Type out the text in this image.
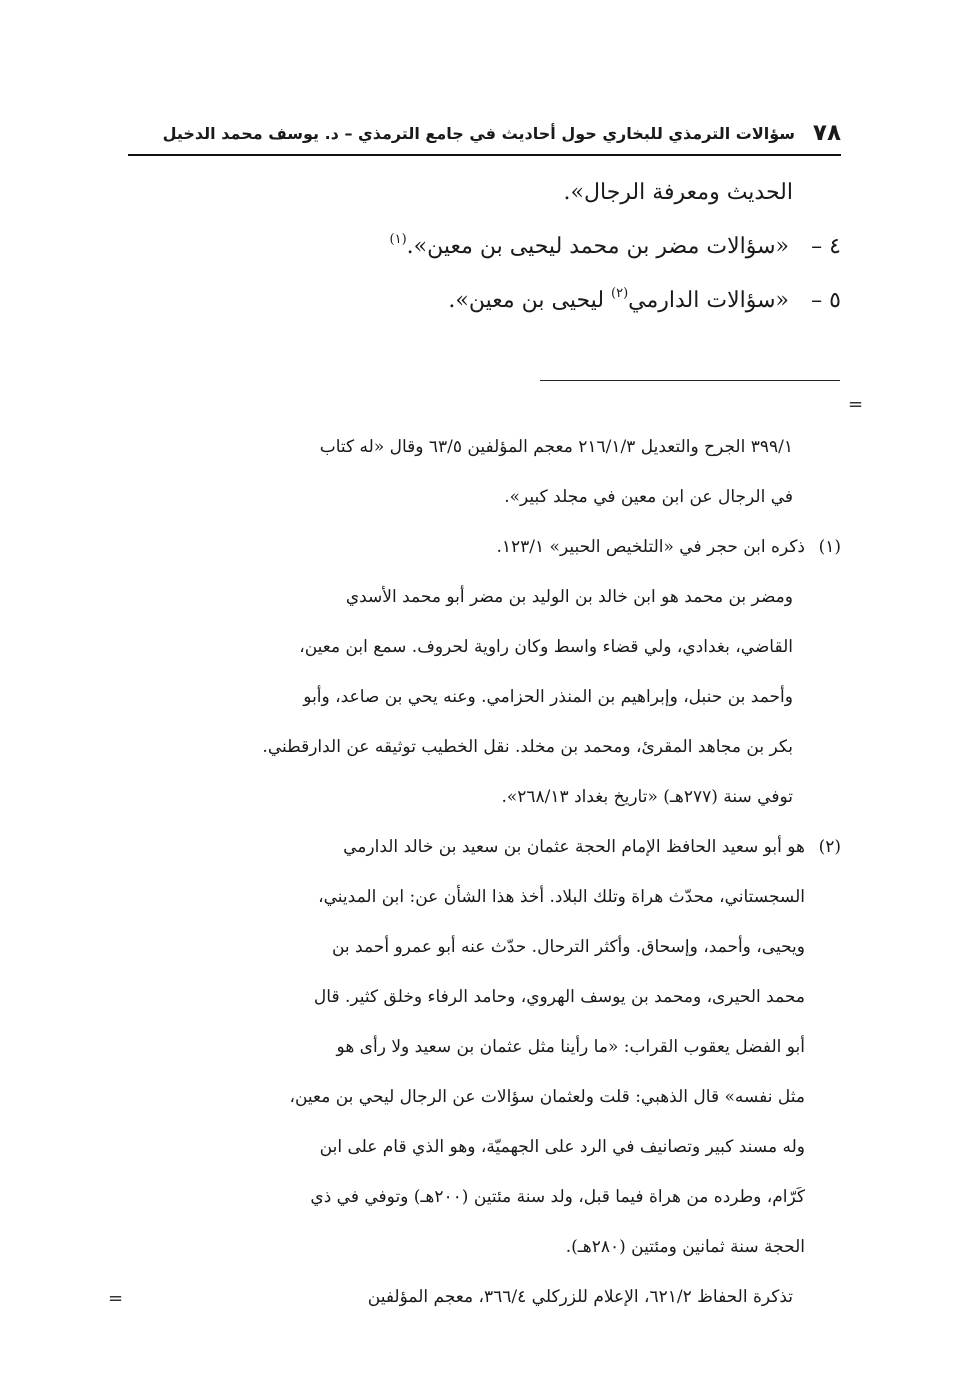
٧٨
سؤالات الترمذي للبخاري حول أحاديث في جامع الترمذي – د. يوسف محمد الدخيل

الحديث ومعرفة الرجال».

٤ –«سؤالات مضر بن محمد ليحيى بن معين».$^{(١)}$

٥ –«سؤالات الدارمي$^{(٢)}$ ليحيى بن معين».

=
=

٣٩٩/١ الجرح والتعديل ٢١٦/١/٣ معجم المؤلفين ٦٣/٥ وقال «له كتاب

في الرجال عن ابن معين في مجلد كبير».

(١)ذكره ابن حجر في «التلخيص الحبير» ١٢٣/١.

ومضر بن محمد هو ابن خالد بن الوليد بن مضر أبو محمد الأسدي

القاضي، بغدادي، ولي قضاء واسط وكان راوية لحروف. سمع ابن معين،

وأحمد بن حنبل، وإبراهيم بن المنذر الحزامي. وعنه يحي بن صاعد، وأبو

بكر بن مجاهد المقرئ، ومحمد بن مخلد. نقل الخطيب توثيقه عن الدارقطني.

توفي سنة (٢٧٧هـ) «تاريخ بغداد ٢٦٨/١٣».

(٢)هو أبو سعيد الحافظ الإمام الحجة عثمان بن سعيد بن خالد الدارمي

السجستاني، محدّث هراة وتلك البلاد. أخذ هذا الشأن عن: ابن المديني،

ويحيى، وأحمد، وإسحاق. وأكثر الترحال. حدّث عنه أبو عمرو أحمد بن

محمد الحيرى، ومحمد بن يوسف الهروي، وحامد الرفاء وخلق كثير. قال

أبو الفضل يعقوب القراب: «ما رأينا مثل عثمان بن سعيد ولا رأى هو

مثل نفسه» قال الذهبي: قلت ولعثمان سؤالات عن الرجال ليحي بن معين،

وله مسند كبير وتصانيف في الرد على الجهميّة، وهو الذي قام على ابن

كَرّام، وطرده من هراة فيما قبل، ولد سنة مئتين (٢٠٠هـ) وتوفي في ذي

الحجة سنة ثمانين ومئتين (٢٨٠هـ).

تذكرة الحفاظ ٦٢١/٢، الإعلام للزركلي ٣٦٦/٤، معجم المؤلفين
